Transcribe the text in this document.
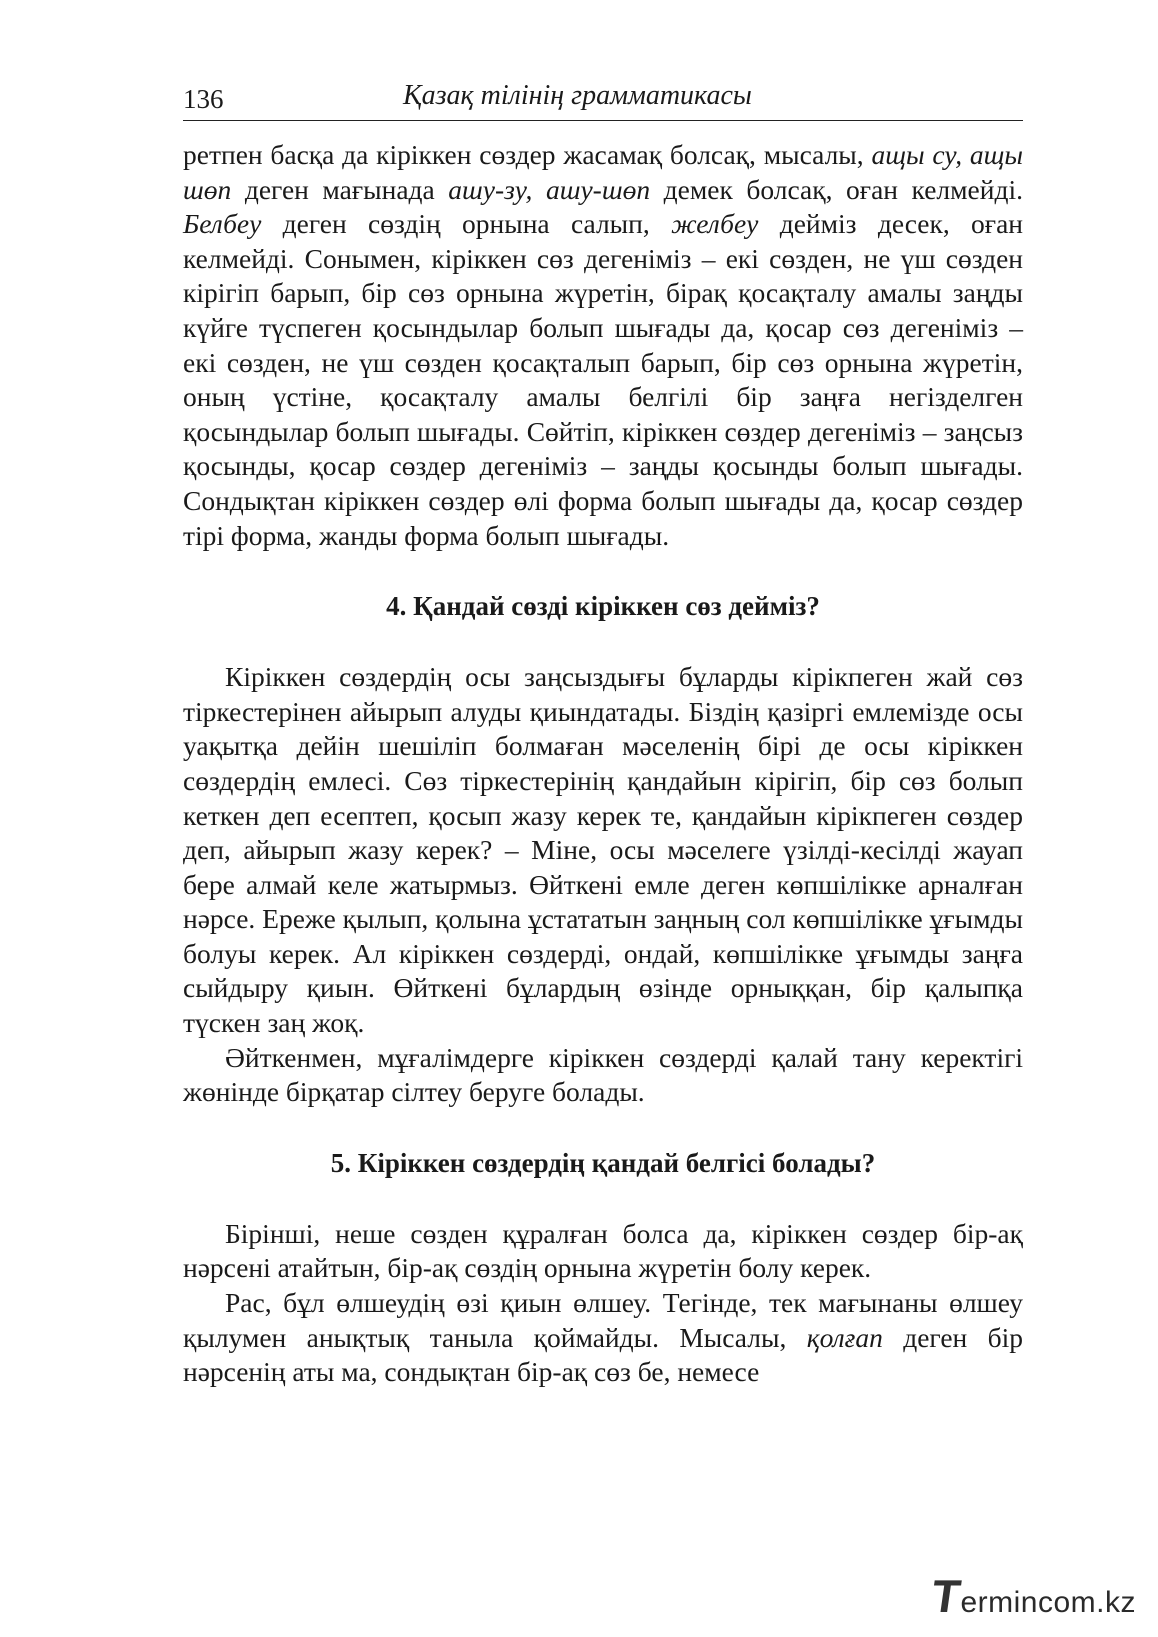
136	Қазақ тілінің грамматикасы

ретпен басқа да кіріккен сөздер жасамақ болсақ, мысалы, ащы су, ащы шөп деген мағынада ашу-зу, ашу-шөп демек болсақ, оған келмейді. Белбеу деген сөздің орнына салып, желбеу дейміз десек, оған келмейді. Сонымен, кіріккен сөз дегеніміз – екі сөзден, не үш сөзден кірігіп барып, бір сөз орнына жүретін, бірақ қосақталу амалы заңды күйге түспеген қосындылар болып шығады да, қосар сөз дегеніміз – екі сөзден, не үш сөзден қосақталып барып, бір сөз орнына жүретін, оның үстіне, қосақталу амалы белгілі бір заңға негізделген қосындылар болып шығады. Сөйтіп, кіріккен сөздер дегеніміз – заңсыз қосынды, қосар сөздер дегеніміз – заңды қосынды болып шығады. Сондықтан кіріккен сөздер өлі форма болып шығады да, қосар сөздер тірі форма, жанды форма болып шығады.

4. Қандай сөзді кіріккен сөз дейміз?

Кіріккен сөздердің осы заңсыздығы бұларды кірікпеген жай сөз тіркестерінен айырып алуды қиындатады. Біздің қазіргі емлемізде осы уақытқа дейін шешіліп болмаған мәселенің бірі де осы кіріккен сөздердің емлесі. Сөз тіркестерінің қандайын кірігіп, бір сөз болып кеткен деп есептеп, қосып жазу керек те, қандайын кірікпеген сөздер деп, айырып жазу керек? – Міне, осы мәселеге үзілді-кесілді жауап бере алмай келе жатырмыз. Өйткені емле деген көпшілікке арналған нәрсе. Ереже қылып, қолына ұстататын заңның сол көпшілікке ұғымды болуы керек. Ал кіріккен сөздерді, ондай, көпшілікке ұғымды заңға сыйдыру қиын. Өйткені бұлардың өзінде орныққан, бір қалыпқа түскен заң жоқ.

Әйткенмен, мұғалімдерге кіріккен сөздерді қалай тану керектігі жөнінде бірқатар сілтеу беруге болады.

5. Кіріккен сөздердің қандай белгісі болады?

Бірінші, неше сөзден құралған болса да, кіріккен сөздер бір-ақ нәрсені атайтын, бір-ақ сөздің орнына жүретін болу керек.

Рас, бұл өлшеудің өзі қиын өлшеу. Тегінде, тек мағынаны өлшеу қылумен анықтық танылa қоймайды. Мысалы, қолғап деген бір нәрсенің аты ма, сондықтан бір-ақ сөз бе, немесе

T
ermincom.kz
